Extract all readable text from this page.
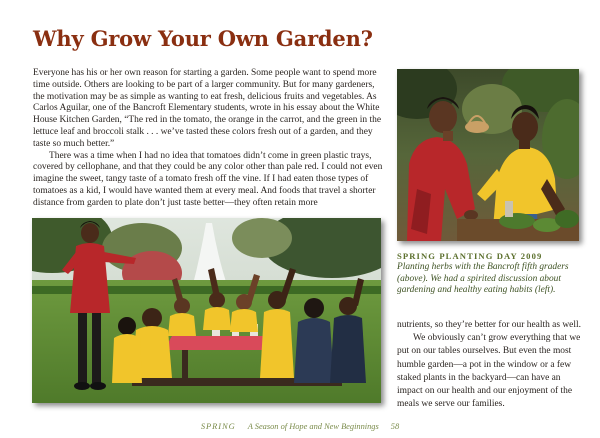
Why Grow Your Own Garden?

Everyone has his or her own reason for starting a garden. Some people want to spend more time outside. Others are looking to be part of a larger community. But for many gardeners, the motivation may be as simple as wanting to eat fresh, delicious fruits and vegetables. As Carlos Aguilar, one of the Bancroft Elementary students, wrote in his essay about the White House Kitchen Garden, “The red in the tomato, the orange in the carrot, and the green in the lettuce leaf and broccoli stalk . . . we’ve tasted these colors fresh out of a garden, and they taste so much better.”

There was a time when I had no idea that tomatoes didn’t come in green plastic trays, covered by cellophane, and that they could be any color other than pale red. I could not even imagine the sweet, tangy taste of a tomato fresh off the vine. If I had eaten those types of tomatoes as a kid, I would have wanted them at every meal. And foods that travel a shorter distance from garden to plate don’t just taste better—they often retain more

SPRING PLANTING DAY 2009

Planting herbs with the Bancroft fifth graders (above). We had a spirited discussion about gardening and healthy eating habits (left).

nutrients, so they’re better for our health as well.

We obviously can’t grow everything that we put on our tables ourselves. But even the most humble garden—a pot in the window or a few staked plants in the backyard—can have an impact on our health and our enjoyment of the meals we serve our families.

SPRING A Season of Hope and New Beginnings 58
